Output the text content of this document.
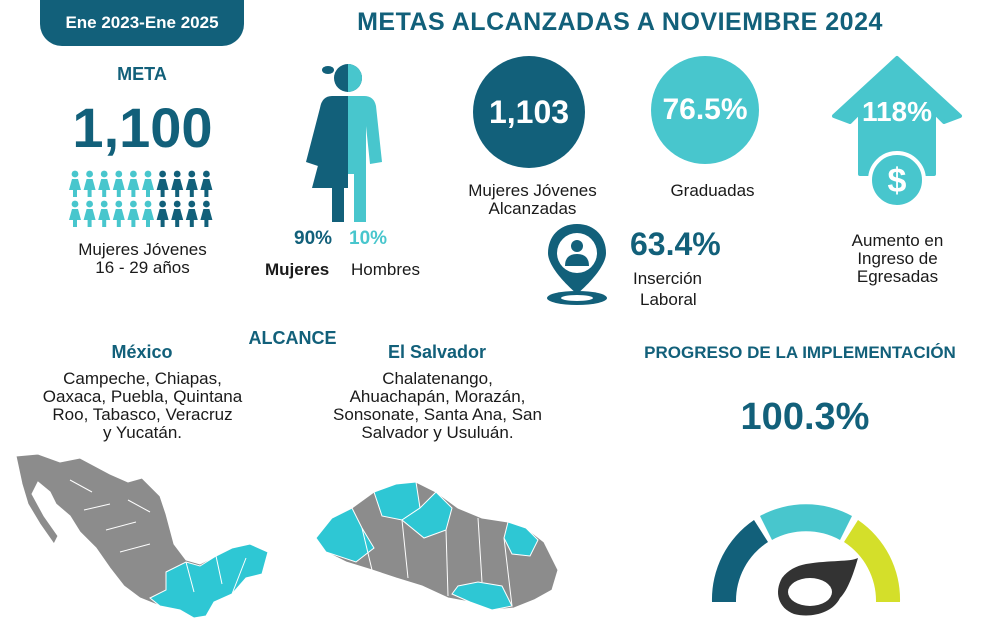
Ene 2023-Ene 2025	METAS ALCANZADAS A NOVIEMBRE 2024
META
1,100
Mujeres Jóvenes
16 - 29 años
90% 10%
Mujeres Hombres
1,103
Mujeres Jóvenes
Alcanzadas
76.5%
Graduadas	$
118%
Aumento en
Ingreso de
Egresadas
63.4%
Inserción
Laboral
ALCANCE
México
Campeche, Chiapas,
Oaxaca, Puebla, Quintana
Roo, Tabasco, Veracruz
y Yucatán.
El Salvador
Chalatenango,
Ahuachapán, Morazán,
Sonsonate, Santa Ana, San
Salvador y Usuluán.
PROGRESO DE LA IMPLEMENTACIÓN
100.3%
